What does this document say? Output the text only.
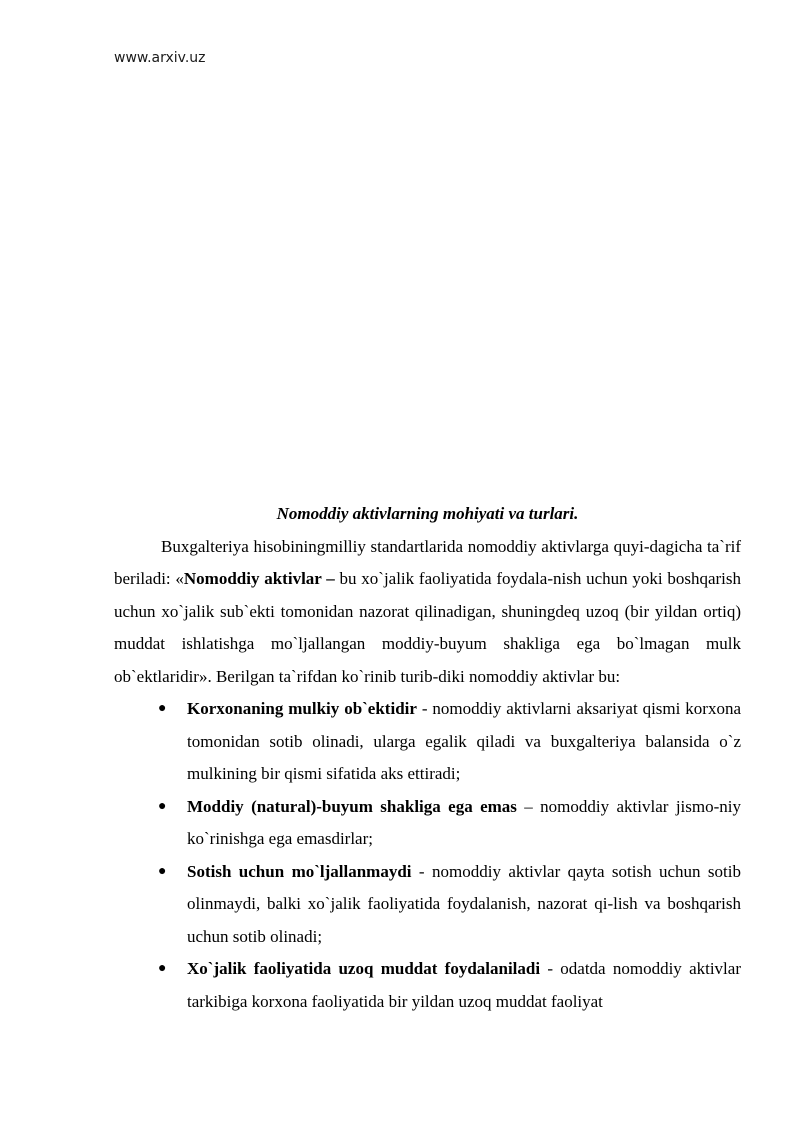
www.arxiv.uz

Nomoddiy aktivlarning mohiyati va turlari.

Buxgalteriya hisobiningmilliy standartlarida nomoddiy aktivlarga quyi-dagicha ta`rif beriladi: «Nomoddiy aktivlar – bu xo`jalik faoliyatida foydala-nish uchun yoki boshqarish uchun xo`jalik sub`ekti tomonidan nazorat qilinadigan, shuningdeq uzoq (bir yildan ortiq) muddat ishlatishga mo`ljallangan moddiy-buyum shakliga ega bo`lmagan mulk ob`ektlaridir». Berilgan ta`rifdan ko`rinib turib-diki nomoddiy aktivlar bu:

● Korxonaning mulkiy ob`ektidir - nomoddiy aktivlarni aksariyat qismi korxona tomonidan sotib olinadi, ularga egalik qiladi va buxgalteriya balansida o`z mulkining bir qismi sifatida aks ettiradi;
● Moddiy (natural)-buyum shakliga ega emas – nomoddiy aktivlar jismo-niy ko`rinishga ega emasdirlar;
● Sotish uchun mo`ljallanmaydi - nomoddiy aktivlar qayta sotish uchun sotib olinmaydi, balki xo`jalik faoliyatida foydalanish, nazorat qi-lish va boshqarish uchun sotib olinadi;
● Xo`jalik faoliyatida uzoq muddat foydalaniladi - odatda nomoddiy aktivlar tarkibiga korxona faoliyatida bir yildan uzoq muddat faoliyat
